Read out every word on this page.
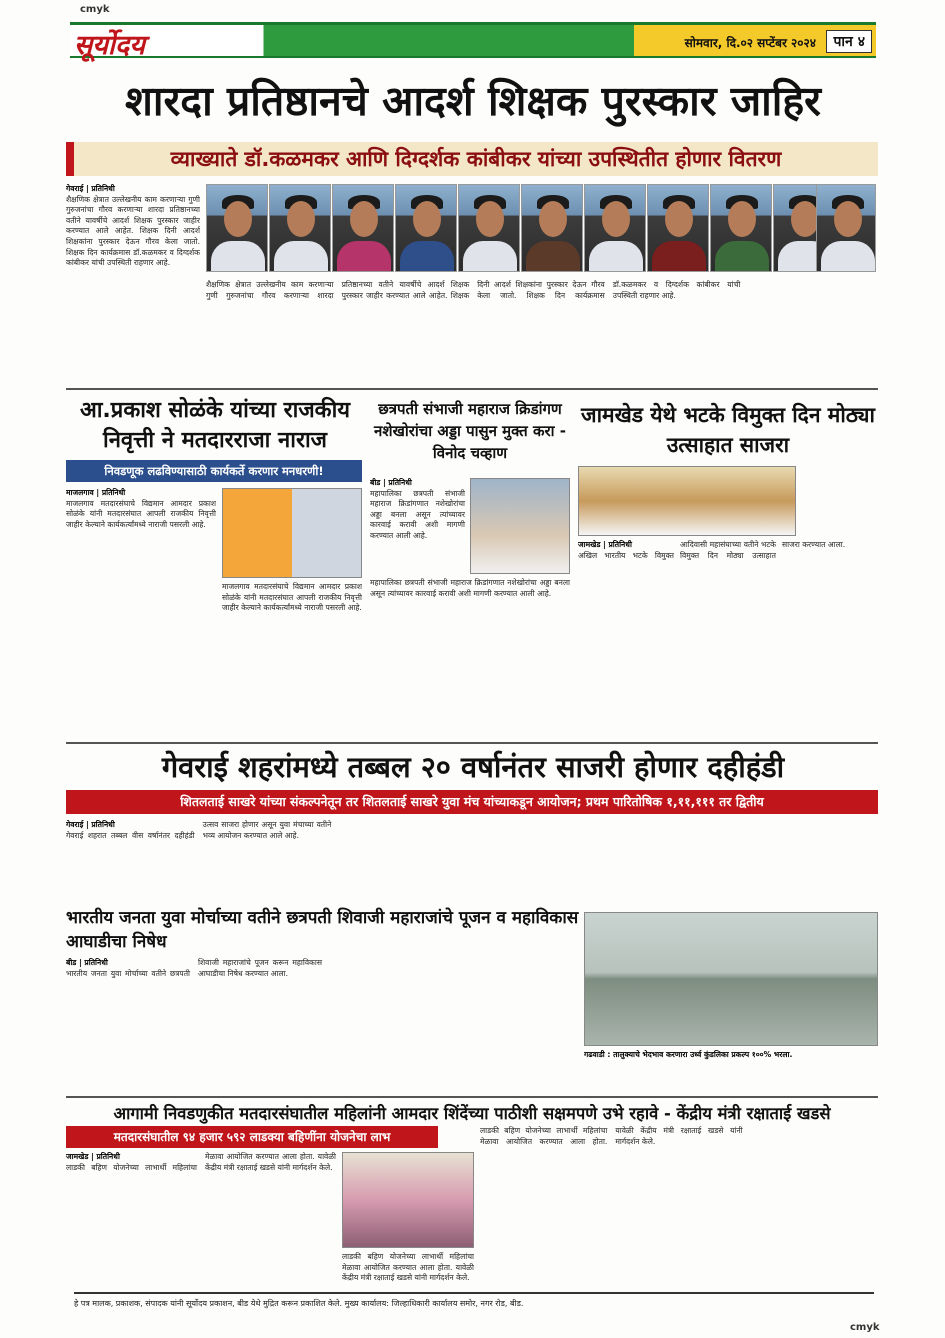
cmyk
cmyk
सूर्योदय	सोमवार, दि.०२ सप्टेंबर २०२४	पान ४
शारदा प्रतिष्ठानचे आदर्श शिक्षक पुरस्कार जाहिर
व्याख्याते डॉ.कळमकर आणि दिग्दर्शक कांबीकर यांच्या उपस्थितीत होणार वितरण
गेवराई | प्रतिनिधी
शैक्षणिक क्षेत्रात उल्लेखनीय काम करणाऱ्या गुणी गुरुजनांचा गौरव करणाऱ्या शारदा प्रतिष्ठानच्या वतीने यावर्षीचे आदर्श शिक्षक पुरस्कार जाहीर करण्यात आले आहेत. शिक्षक दिनी आदर्श शिक्षकांना पुरस्कार देऊन गौरव केला जातो. शिक्षक दिन कार्यक्रमास डॉ.कळमकर व दिग्दर्शक कांबीकर यांची उपस्थिती राहणार आहे.
शैक्षणिक क्षेत्रात उल्लेखनीय काम करणाऱ्या गुणी गुरुजनांचा गौरव करणाऱ्या शारदा प्रतिष्ठानच्या वतीने यावर्षीचे आदर्श शिक्षक पुरस्कार जाहीर करण्यात आले आहेत. शिक्षक दिनी आदर्श शिक्षकांना पुरस्कार देऊन गौरव केला जातो. शिक्षक दिन कार्यक्रमास डॉ.कळमकर व दिग्दर्शक कांबीकर यांची उपस्थिती राहणार आहे.
आ.प्रकाश सोळंके यांच्या राजकीय निवृत्ती ने मतदारराजा नाराज
निवडणूक लढविण्यासाठी कार्यकर्ते करणार मनधरणी!
माजलगाव | प्रतिनिधी
माजलगाव मतदारसंघाचे विद्यमान आमदार प्रकाश सोळंके यांनी मतदारसंघात आपली राजकीय निवृत्ती जाहीर केल्याने कार्यकर्त्यांमध्ये नाराजी पसरली आहे.
माजलगाव मतदारसंघाचे विद्यमान आमदार प्रकाश सोळंके यांनी मतदारसंघात आपली राजकीय निवृत्ती जाहीर केल्याने कार्यकर्त्यांमध्ये नाराजी पसरली आहे.
छत्रपती संभाजी महाराज क्रिडांगण नशेखोरांचा अड्डा पासुन मुक्त करा - विनोद चव्हाण
बीड | प्रतिनिधी
महापालिका छत्रपती संभाजी महाराज क्रिडांगणात नशेखोरांचा अड्डा बनला असून त्यांच्यावर कारवाई करावी अशी मागणी करण्यात आली आहे.
महापालिका छत्रपती संभाजी महाराज क्रिडांगणात नशेखोरांचा अड्डा बनला असून त्यांच्यावर कारवाई करावी अशी मागणी करण्यात आली आहे.
जामखेड येथे भटके विमुक्त दिन मोठ्या उत्साहात साजरा
जामखेड | प्रतिनिधी
अखिल भारतीय भटके विमुक्त आदिवासी महासंघाच्या वतीने भटके विमुक्त दिन मोठ्या उत्साहात साजरा करण्यात आला.
गेवराई शहरांमध्ये तब्बल २० वर्षानंतर साजरी होणार दहीहंडी
शितलताई साखरे यांच्या संकल्पनेतून तर शितलताई साखरे युवा मंच यांच्याकडून आयोजन; प्रथम पारितोषिक १,११,१११ तर द्वितीय
गेवराई | प्रतिनिधी
गेवराई शहरात तब्बल वीस वर्षानंतर दहीहंडी उत्सव साजरा होणार असून युवा मंचाच्या वतीने भव्य आयोजन करण्यात आले आहे.
भारतीय जनता युवा मोर्चाच्या वतीने छत्रपती शिवाजी महाराजांचे पूजन व महाविकास आघाडीचा निषेध
बीड | प्रतिनिधी
भारतीय जनता युवा मोर्चाच्या वतीने छत्रपती शिवाजी महाराजांचे पूजन करून महाविकास आघाडीचा निषेध करण्यात आला.
गढवाडी : तालुक्याचे भेदभाव करणारा उर्ध्व कुंडलिका प्रकल्प १००% भरला.
आगामी निवडणुकीत मतदारसंघातील महिलांनी आमदार शिंदेंच्या पाठीशी सक्षमपणे उभे रहावे - केंद्रीय मंत्री रक्षाताई खडसे
मतदारसंघातील ९४ हजार ५९२ लाडक्या बहिणींना योजनेचा लाभ
जामखेड | प्रतिनिधी
लाडकी बहिण योजनेच्या लाभार्थी महिलांचा मेळावा आयोजित करण्यात आला होता. यावेळी केंद्रीय मंत्री रक्षाताई खडसे यांनी मार्गदर्शन केले.
लाडकी बहिण योजनेच्या लाभार्थी महिलांचा मेळावा आयोजित करण्यात आला होता. यावेळी केंद्रीय मंत्री रक्षाताई खडसे यांनी मार्गदर्शन केले.
लाडकी बहिण योजनेच्या लाभार्थी महिलांचा मेळावा आयोजित करण्यात आला होता. यावेळी केंद्रीय मंत्री रक्षाताई खडसे यांनी मार्गदर्शन केले.
हे पत्र मालक, प्रकाशक, संपादक यांनी सूर्योदय प्रकाशन, बीड येथे मुद्रित करून प्रकाशित केले. मुख्य कार्यालय: जिल्हाधिकारी कार्यालय समोर, नगर रोड, बीड.
